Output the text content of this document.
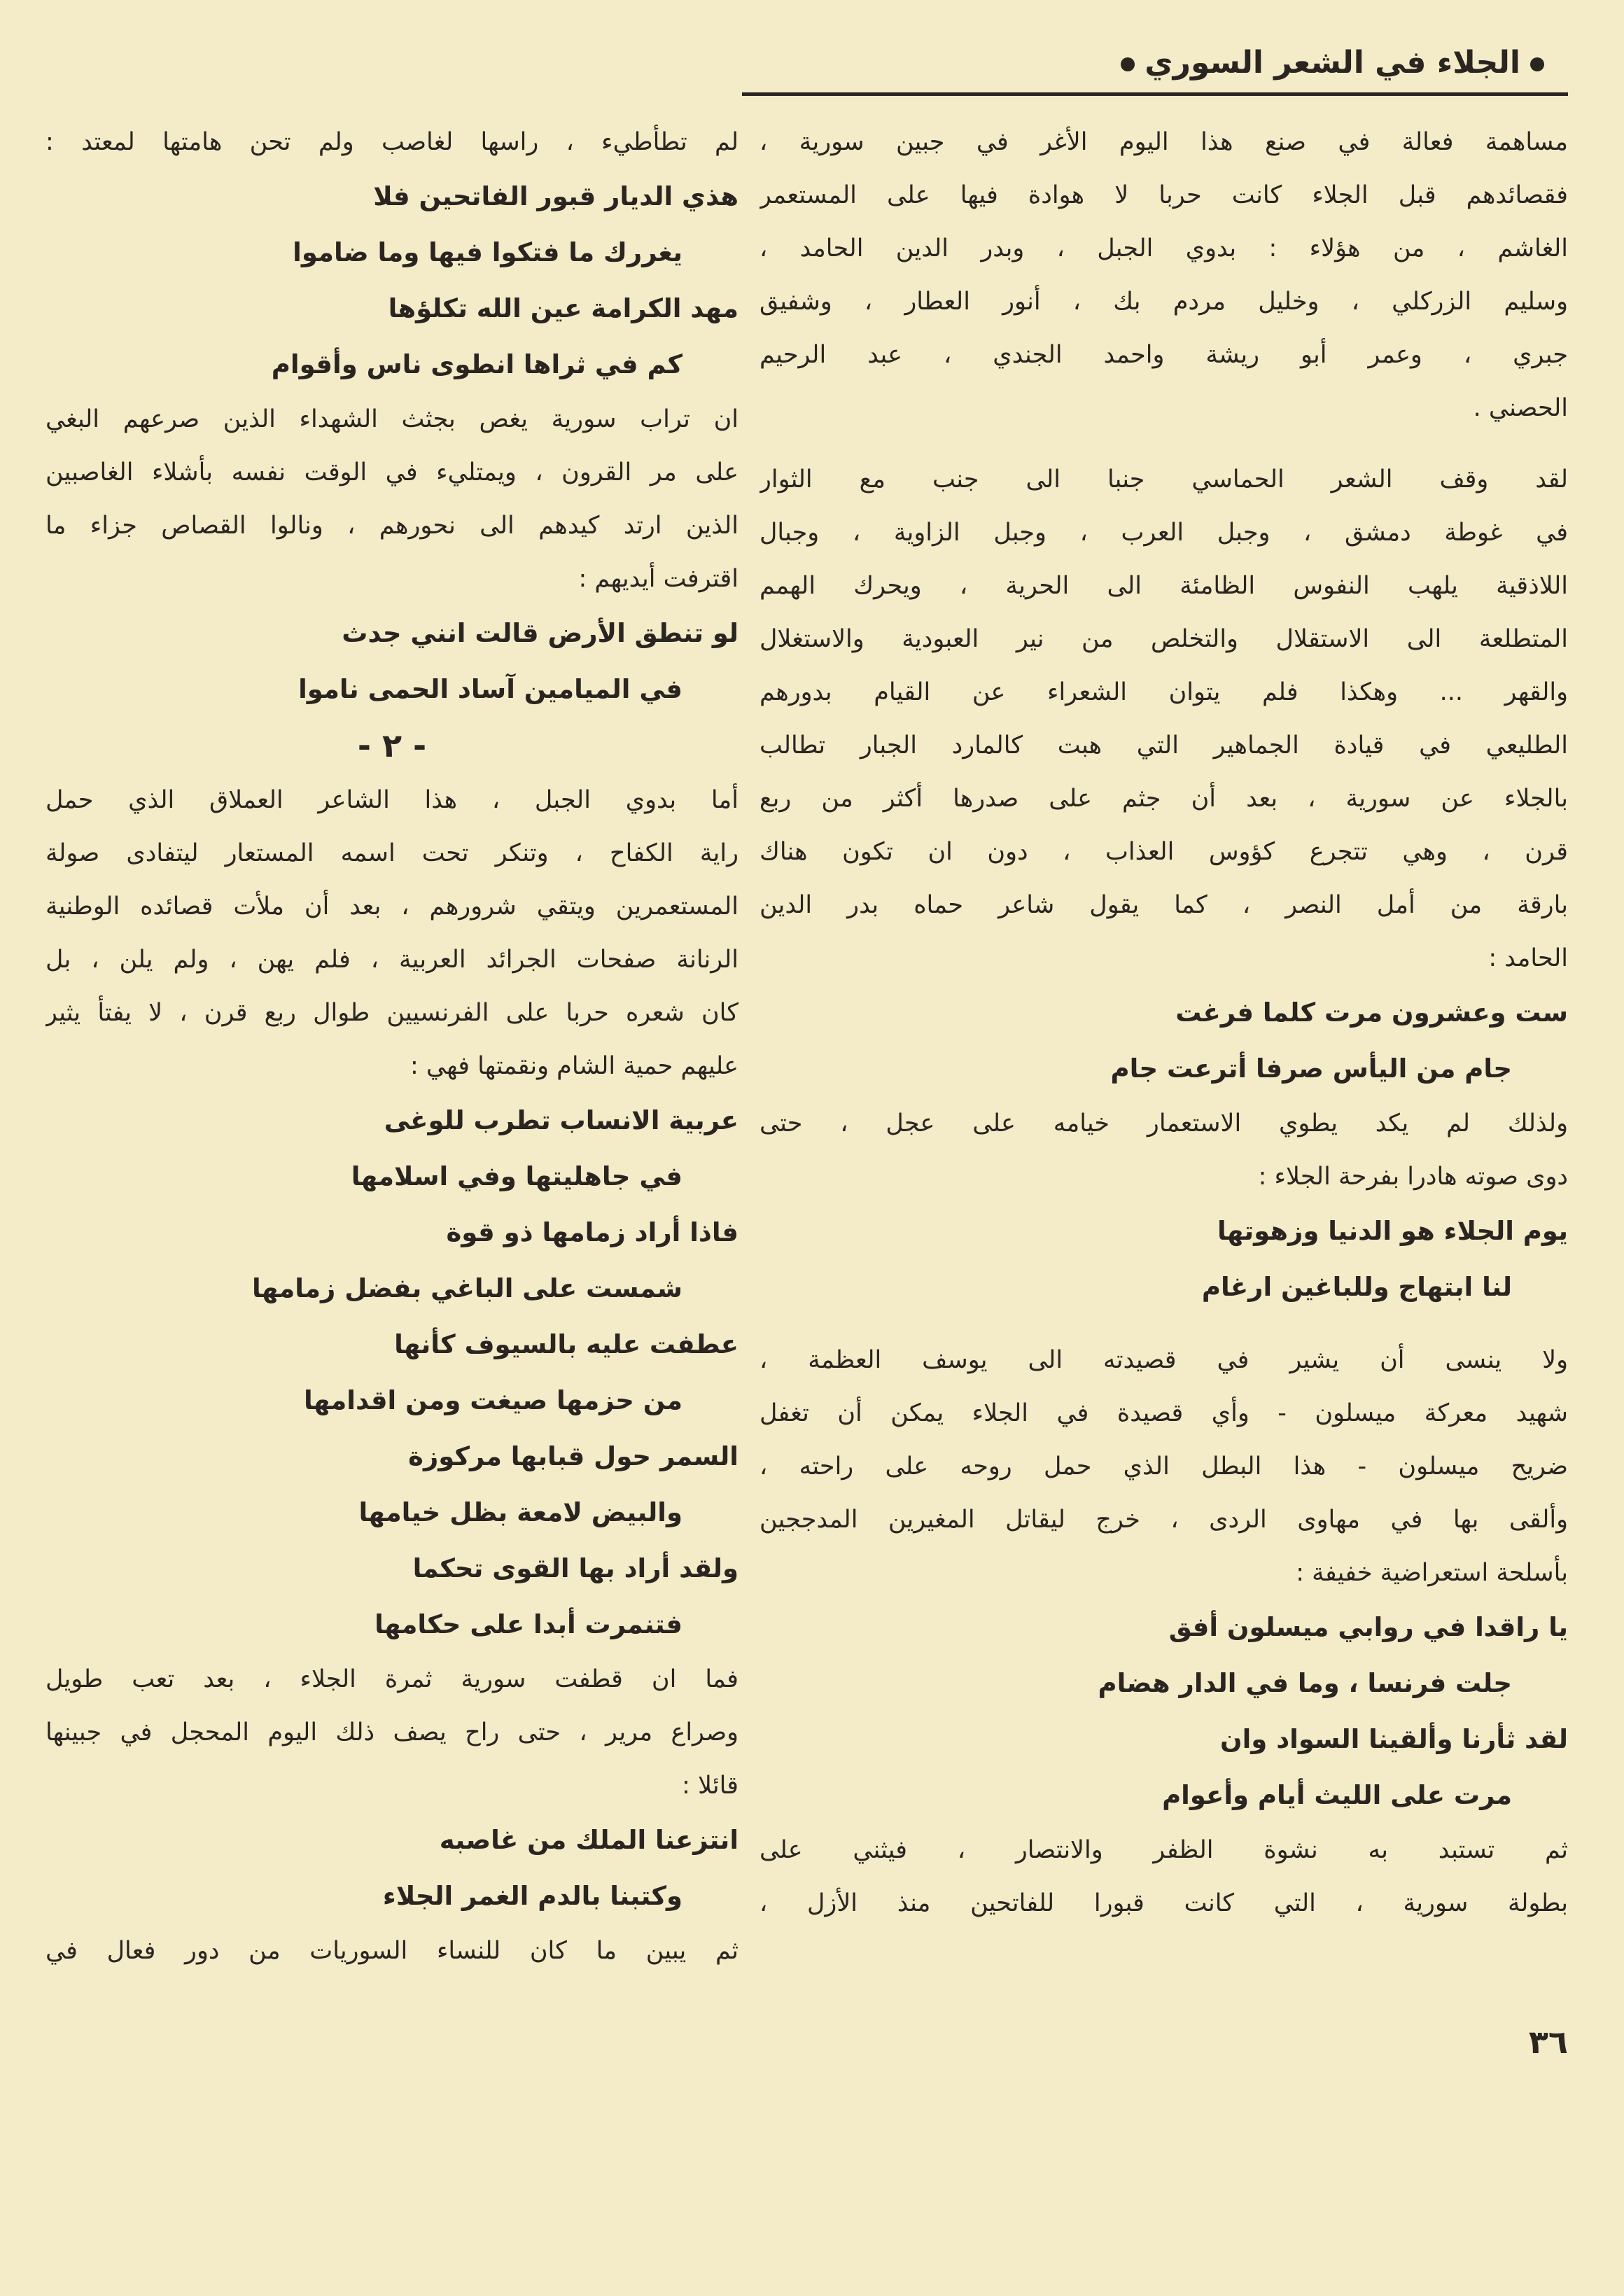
الجلاء في الشعر السوري
مساهمة فعالة في صنع هذا اليوم الأغر في جبين سورية ،
فقصائدهم قبل الجلاء كانت حربا لا هوادة فيها على المستعمر
الغاشم ، من هؤلاء : بدوي الجبل ، وبدر الدين الحامد ،
وسليم الزركلي ، وخليل مردم بك ، أنور العطار ، وشفيق
جبري ، وعمر أبو ريشة واحمد الجندي ، عبد الرحيم
الحصني .
لقد وقف الشعر الحماسي جنبا الى جنب مع الثوار
في غوطة دمشق ، وجبل العرب ، وجبل الزاوية ، وجبال
اللاذقية يلهب النفوس الظامئة الى الحرية ، ويحرك الهمم
المتطلعة الى الاستقلال والتخلص من نير العبودية والاستغلال
والقهر ... وهكذا فلم يتوان الشعراء عن القيام بدورهم
الطليعي في قيادة الجماهير التي هبت كالمارد الجبار تطالب
بالجلاء عن سورية ، بعد أن جثم على صدرها أكثر من ربع
قرن ، وهي تتجرع كؤوس العذاب ، دون ان تكون هناك
بارقة من أمل النصر ، كما يقول شاعر حماه بدر الدين
الحامد :
ست وعشرون مرت كلما فرغت
جام من اليأس صرفا أترعت جام
ولذلك لم يكد يطوي الاستعمار خيامه على عجل ، حتى
دوى صوته هادرا بفرحة الجلاء :
يوم الجلاء هو الدنيا وزهوتها
لنا ابتهاج وللباغين ارغام
ولا ينسى أن يشير في قصيدته الى يوسف العظمة ،
شهيد معركة ميسلون - وأي قصيدة في الجلاء يمكن أن تغفل
ضريح ميسلون - هذا البطل الذي حمل روحه على راحته ،
وألقى بها في مهاوى الردى ، خرج ليقاتل المغيرين المدججين
بأسلحة استعراضية خفيفة :
يا راقدا في روابي ميسلون أفق
جلت فرنسا ، وما في الدار هضام
لقد ثأرنا وألقينا السواد وان
مرت على الليث أيام وأعوام
ثم تستبد به نشوة الظفر والانتصار ، فيثني على
بطولة سورية ، التي كانت قبورا للفاتحين منذ الأزل ،
لم تطأطيء ، راسها لغاصب ولم تحن هامتها لمعتد :
هذي الديار قبور الفاتحين فلا
يغررك ما فتكوا فيها وما ضاموا
مهد الكرامة عين الله تكلؤها
كم في ثراها انطوى ناس وأقوام
ان تراب سورية يغص بجثث الشهداء الذين صرعهم البغي
على مر القرون ، ويمتليء في الوقت نفسه بأشلاء الغاصبين
الذين ارتد كيدهم الى نحورهم ، ونالوا القصاص جزاء ما
اقترفت أيديهم :
لو تنطق الأرض قالت انني جدث
في الميامين آساد الحمى ناموا
- ٢ -
أما بدوي الجبل ، هذا الشاعر العملاق الذي حمل
راية الكفاح ، وتنكر تحت اسمه المستعار ليتفادى صولة
المستعمرين ويتقي شرورهم ، بعد أن ملأت قصائده الوطنية
الرنانة صفحات الجرائد العربية ، فلم يهن ، ولم يلن ، بل
كان شعره حربا على الفرنسيين طوال ربع قرن ، لا يفتأ يثير
عليهم حمية الشام ونقمتها فهي :
عربية الانساب تطرب للوغى
في جاهليتها وفي اسلامها
فاذا أراد زمامها ذو قوة
شمست على الباغي بفضل زمامها
عطفت عليه بالسيوف كأنها
من حزمها صيغت ومن اقدامها
السمر حول قبابها مركوزة
والبيض لامعة بظل خيامها
ولقد أراد بها القوى تحكما
فتنمرت أبدا على حكامها
فما ان قطفت سورية ثمرة الجلاء ، بعد تعب طويل
وصراع مرير ، حتى راح يصف ذلك اليوم المحجل في جبينها
قائلا :
انتزعنا الملك من غاصبه
وكتبنا بالدم الغمر الجلاء
ثم يبين ما كان للنساء السوريات من دور فعال في
٣٦
